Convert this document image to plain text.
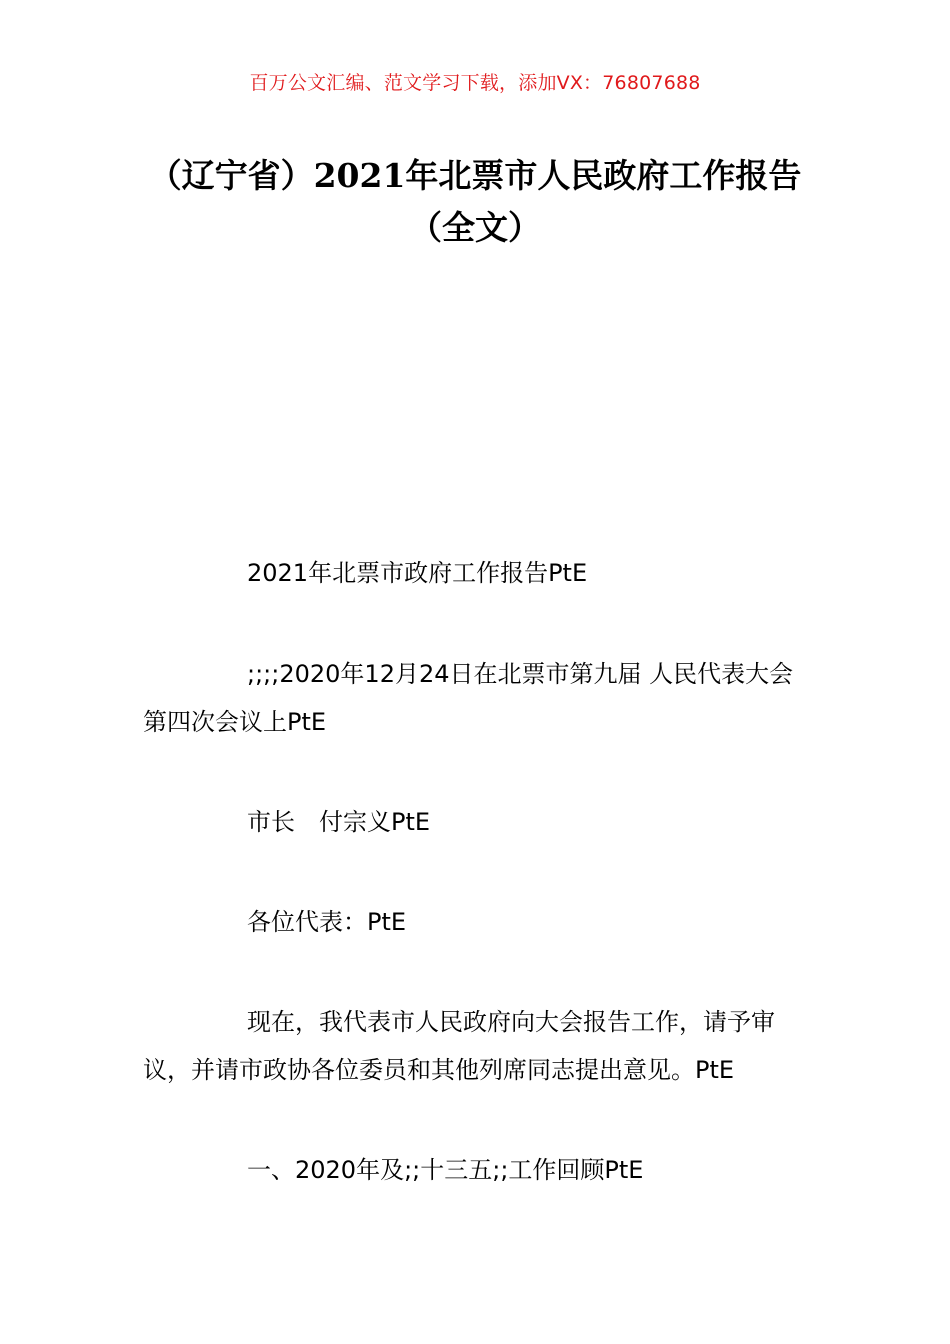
百万公文汇编、范文学习下载，添加VX：76807688
（辽宁省）2021年北票市人民政府工作报告（全文）

2021年北票市政府工作报告PtE

;;;;2020年12月24日在北票市第九届 人民代表大会第四次会议上PtE

市长　付宗义PtE

各位代表：PtE

现在，我代表市人民政府向大会报告工作，请予审议，并请市政协各位委员和其他列席同志提出意见。PtE

一、2020年及;;十三五;;工作回顾PtE
